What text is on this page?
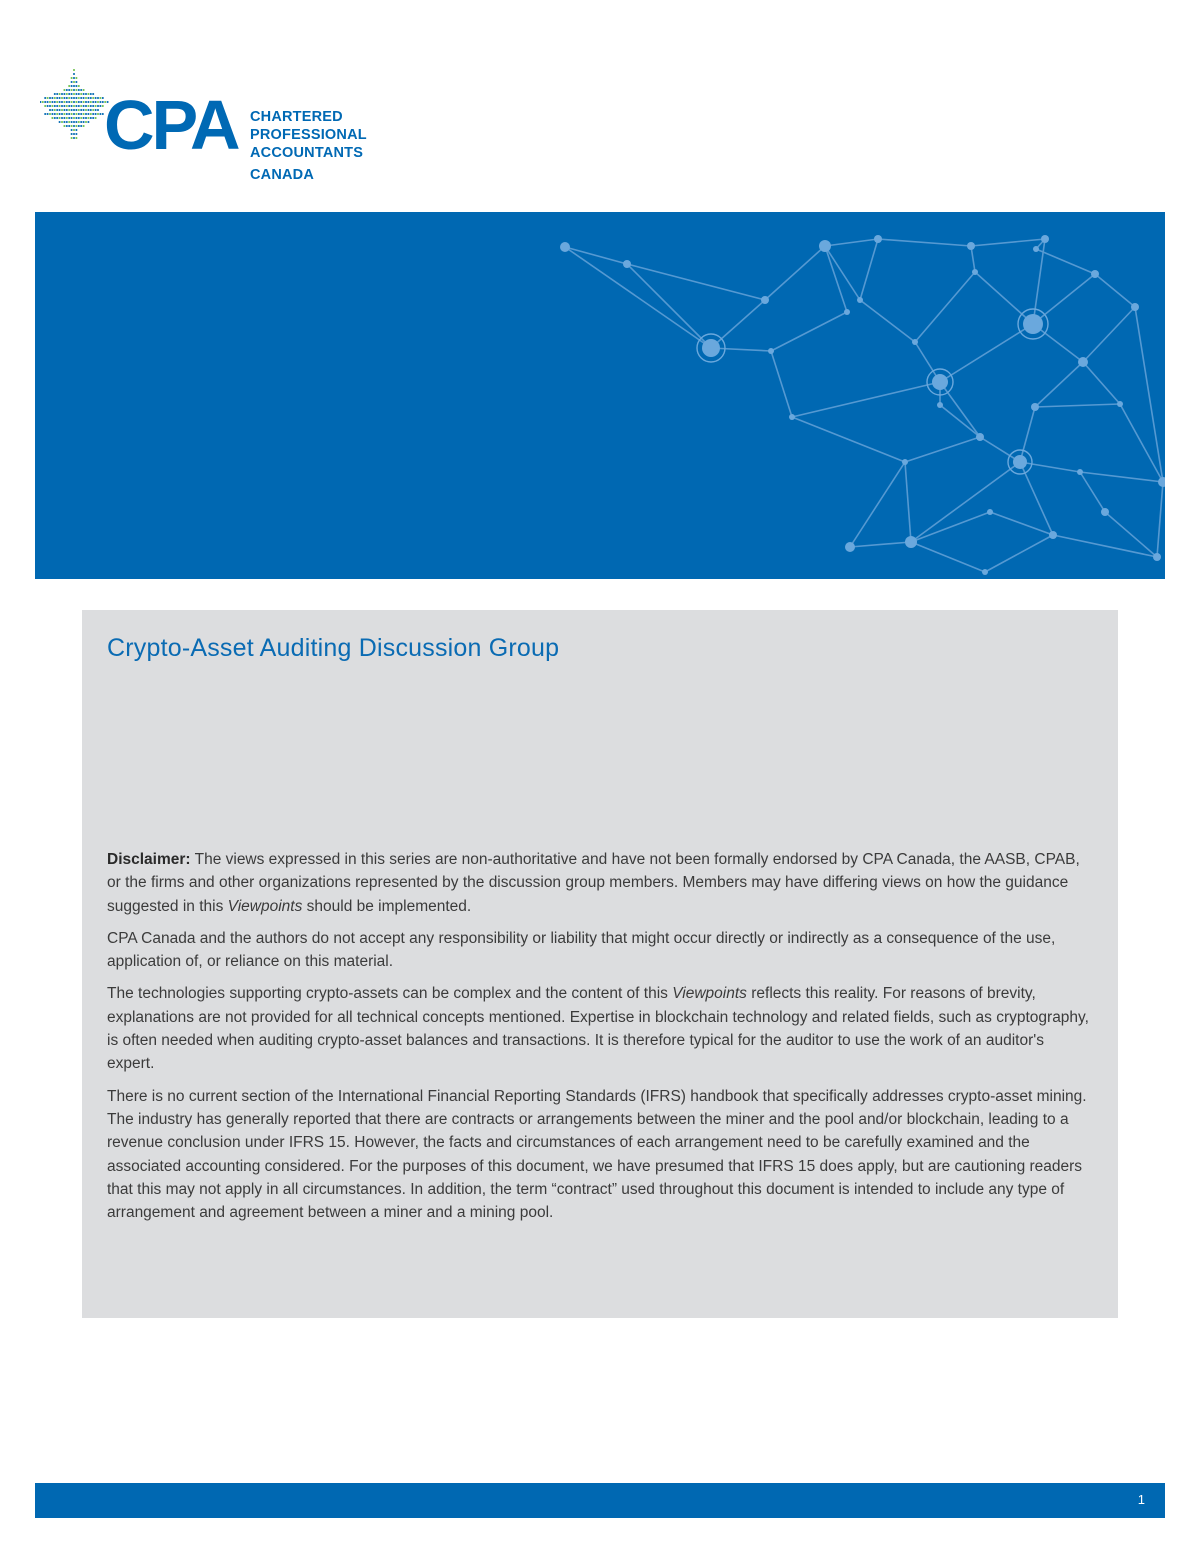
CPA CHARTERED
PROFESSIONAL
ACCOUNTANTS
CANADA
Crypto-Asset Auditing Discussion Group

Disclaimer: The views expressed in this series are non-authoritative and have not been formally endorsed by CPA Canada, the AASB, CPAB, or the firms and other organizations represented by the discussion group members. Members may have differing views on how the guidance suggested in this Viewpoints should be implemented.

CPA Canada and the authors do not accept any responsibility or liability that might occur directly or indirectly as a consequence of the use, application of, or reliance on this material.

The technologies supporting crypto-assets can be complex and the content of this Viewpoints reflects this reality. For reasons of brevity, explanations are not provided for all technical concepts mentioned. Expertise in blockchain technology and related fields, such as cryptography, is often needed when auditing crypto-asset balances and transactions. It is therefore typical for the auditor to use the work of an auditor's expert.

There is no current section of the International Financial Reporting Standards (IFRS) handbook that specifically addresses crypto-asset mining. The industry has generally reported that there are contracts or arrangements between the miner and the pool and/or blockchain, leading to a revenue conclusion under IFRS 15. However, the facts and circumstances of each arrangement need to be carefully examined and the associated accounting considered. For the purposes of this document, we have presumed that IFRS 15 does apply, but are cautioning readers that this may not apply in all circumstances. In addition, the term “contract” used throughout this document is intended to include any type of arrangement and agreement between a miner and a mining pool.

1
